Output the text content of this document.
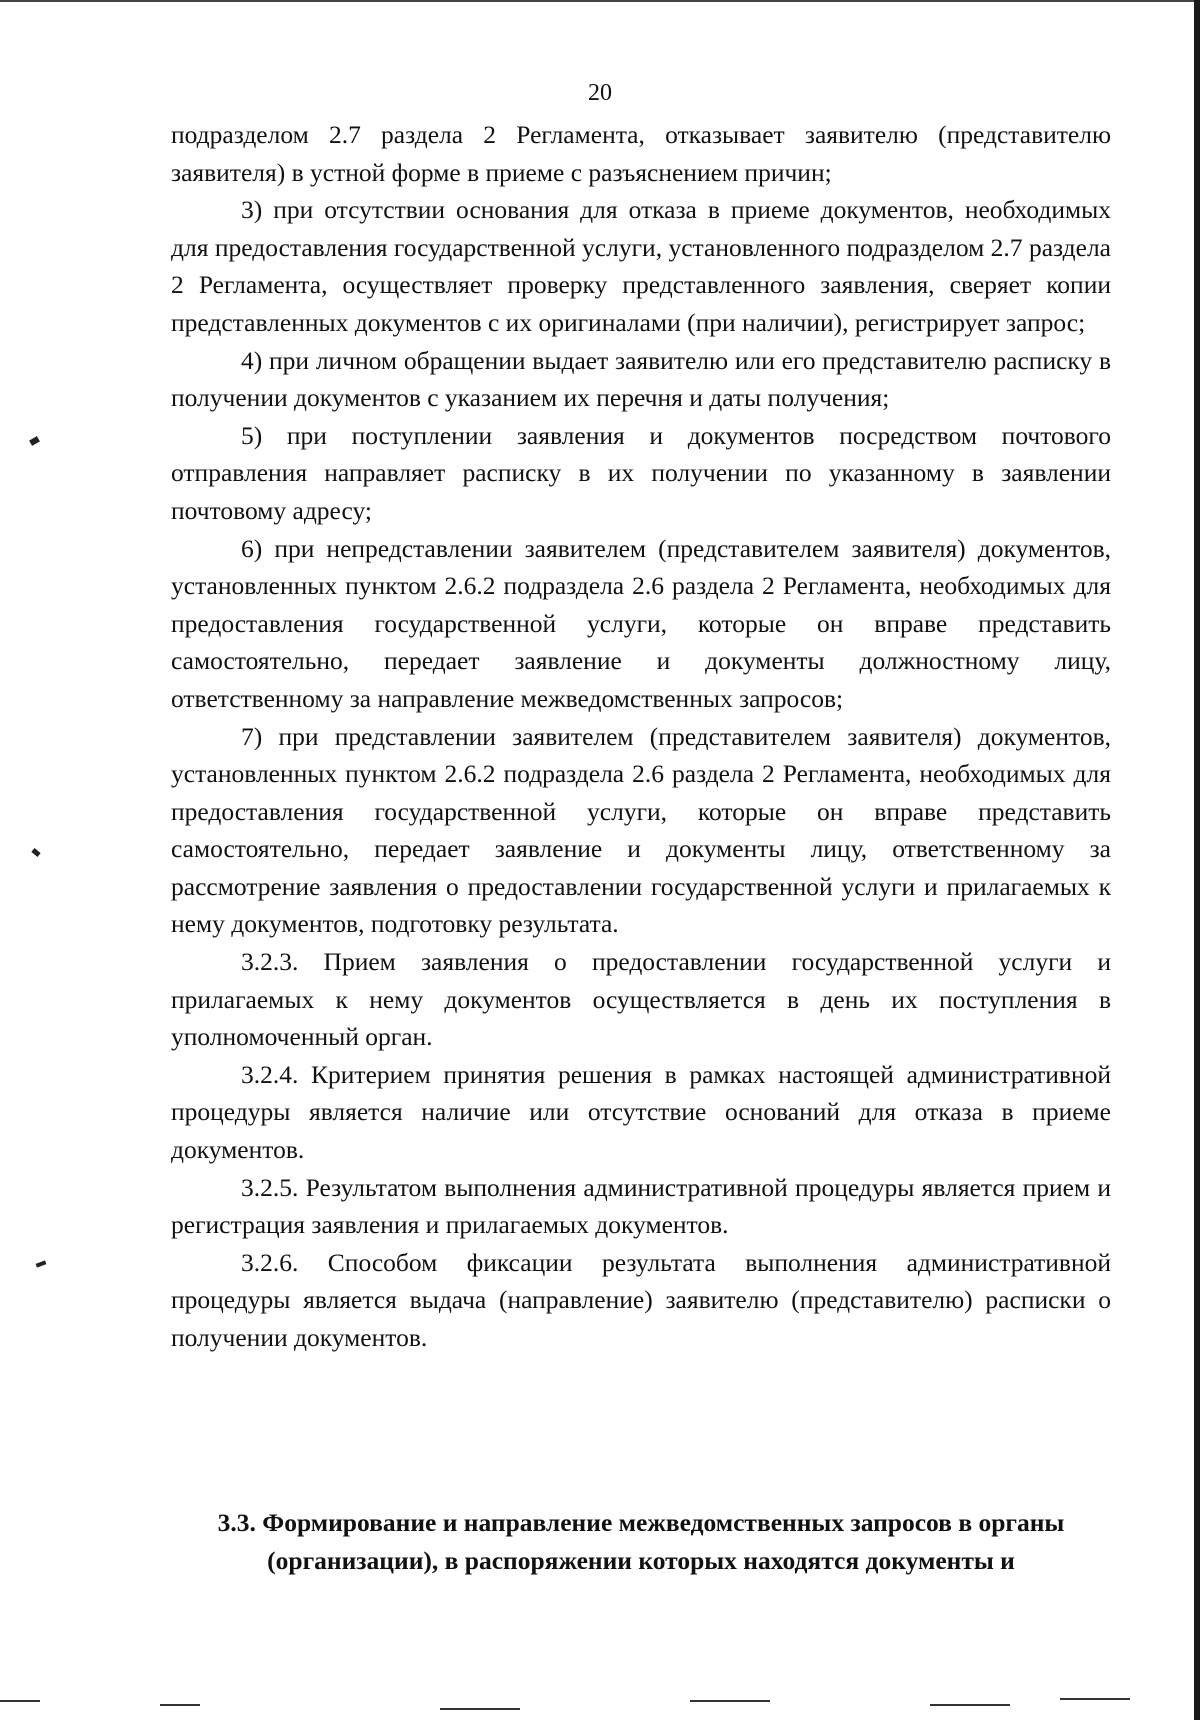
20

подразделом 2.7 раздела 2 Регламента, отказывает заявителю (представителю заявителя) в устной форме в приеме с разъяснением причин;

3) при отсутствии основания для отказа в приеме документов, необходимых для предоставления государственной услуги, установленного подразделом 2.7 раздела 2 Регламента, осуществляет проверку представленного заявления, сверяет копии представленных документов с их оригиналами (при наличии), регистрирует запрос;

4) при личном обращении выдает заявителю или его представителю расписку в получении документов с указанием их перечня и даты получения;

5) при поступлении заявления и документов посредством почтового отправления направляет расписку в их получении по указанному в заявлении почтовому адресу;

6) при непредставлении заявителем (представителем заявителя) документов, установленных пунктом 2.6.2 подраздела 2.6 раздела 2 Регламента, необходимых для предоставления государственной услуги, которые он вправе представить самостоятельно, передает заявление и документы должностному лицу, ответственному за направление межведомственных запросов;

7) при представлении заявителем (представителем заявителя) документов, установленных пунктом 2.6.2 подраздела 2.6 раздела 2 Регламента, необходимых для предоставления государственной услуги, которые он вправе представить самостоятельно, передает заявление и документы лицу, ответственному за рассмотрение заявления о предоставлении государственной услуги и прилагаемых к нему документов, подготовку результата.

3.2.3. Прием заявления о предоставлении государственной услуги и прилагаемых к нему документов осуществляется в день их поступления в уполномоченный орган.

3.2.4. Критерием принятия решения в рамках настоящей административной процедуры является наличие или отсутствие оснований для отказа в приеме документов.

3.2.5. Результатом выполнения административной процедуры является прием и регистрация заявления и прилагаемых документов.

3.2.6. Способом фиксации результата выполнения административной процедуры является выдача (направление) заявителю (представителю) расписки о получении документов.

3.3. Формирование и направление межведомственных запросов в органы (организации), в распоряжении которых находятся документы и
